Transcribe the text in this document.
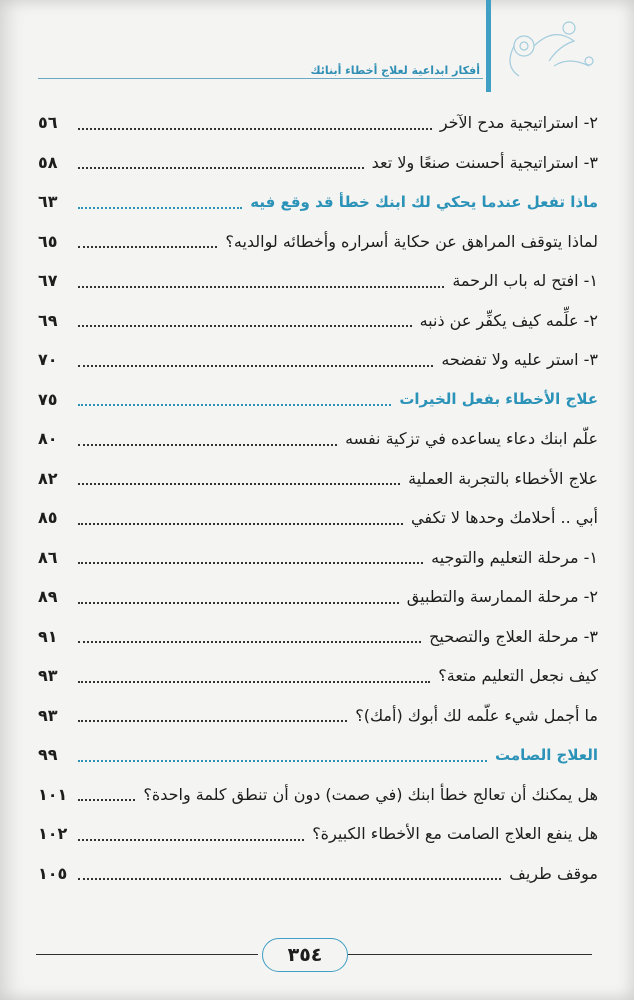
أفكار ابداعية لعلاج أخطاء أبنائك
٢- استراتيجية مدح الآخر
٥٦
٣- استراتيجية أحسنت صنعًا ولا تعد
٥٨
ماذا تفعل عندما يحكي لك ابنك خطأ قد وقع فيه
٦٣
لماذا يتوقف المراهق عن حكاية أسراره وأخطائه لوالديه؟
٦٥
١- افتح له باب الرحمة
٦٧
٢- علِّمه كيف يكفِّر عن ذنبه
٦٩
٣- استر عليه ولا تفضحه
٧٠
علاج الأخطاء بفعل الخيرات
٧٥
علّم ابنك دعاء يساعده في تزكية نفسه
٨٠
علاج الأخطاء بالتجربة العملية
٨٢
أبي .. أحلامك وحدها لا تكفي
٨٥
١- مرحلة التعليم والتوجيه
٨٦
٢- مرحلة الممارسة والتطبيق
٨٩
٣- مرحلة العلاج والتصحيح
٩١
كيف نجعل التعليم متعة؟
٩٣
ما أجمل شيء علّمه لك أبوك (أمك)؟
٩٣
العلاج الصامت
٩٩
هل يمكنك أن تعالج خطأ ابنك (في صمت) دون أن تنطق كلمة واحدة؟
١٠١
هل ينفع العلاج الصامت مع الأخطاء الكبيرة؟
١٠٢
موقف طريف
١٠٥
٣٥٤
